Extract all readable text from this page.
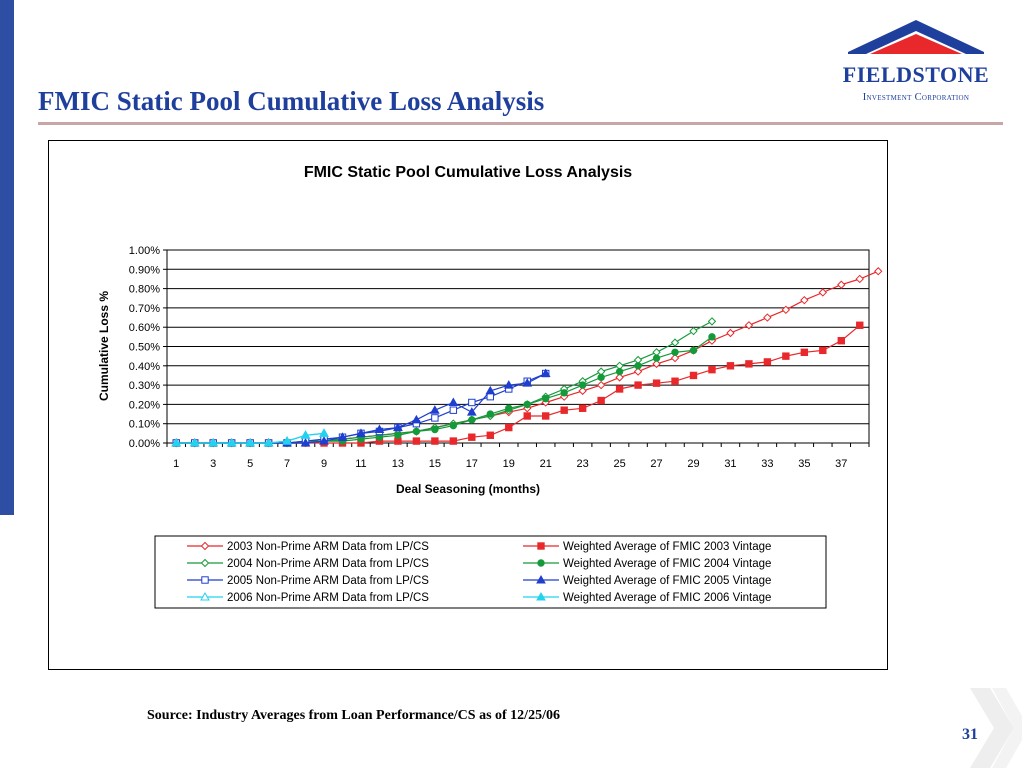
FMIC Static Pool Cumulative Loss Analysis
FIELDSTONE
Investment Corporation
FMIC Static Pool Cumulative Loss Analysis
0.00%
0.10%
0.20%
0.30%
0.40%
0.50%
0.60%
0.70%
0.80%
0.90%
1.00%
1	3	5	7	9	11 13 15 17 19 21 23 25 27 29 31 33 35 37
Deal Seasoning (months)
Cumulative Loss %
2003 Non-Prime ARM Data from LP/CS	Weighted Average of FMIC 2003 Vintage
2004 Non-Prime ARM Data from LP/CS	Weighted Average of FMIC 2004 Vintage
2005 Non-Prime ARM Data from LP/CS	Weighted Average of FMIC 2005 Vintage
2006 Non-Prime ARM Data from LP/CS	Weighted Average of FMIC 2006 Vintage

Source: Industry Averages from Loan Performance/CS as of 12/25/06

31
